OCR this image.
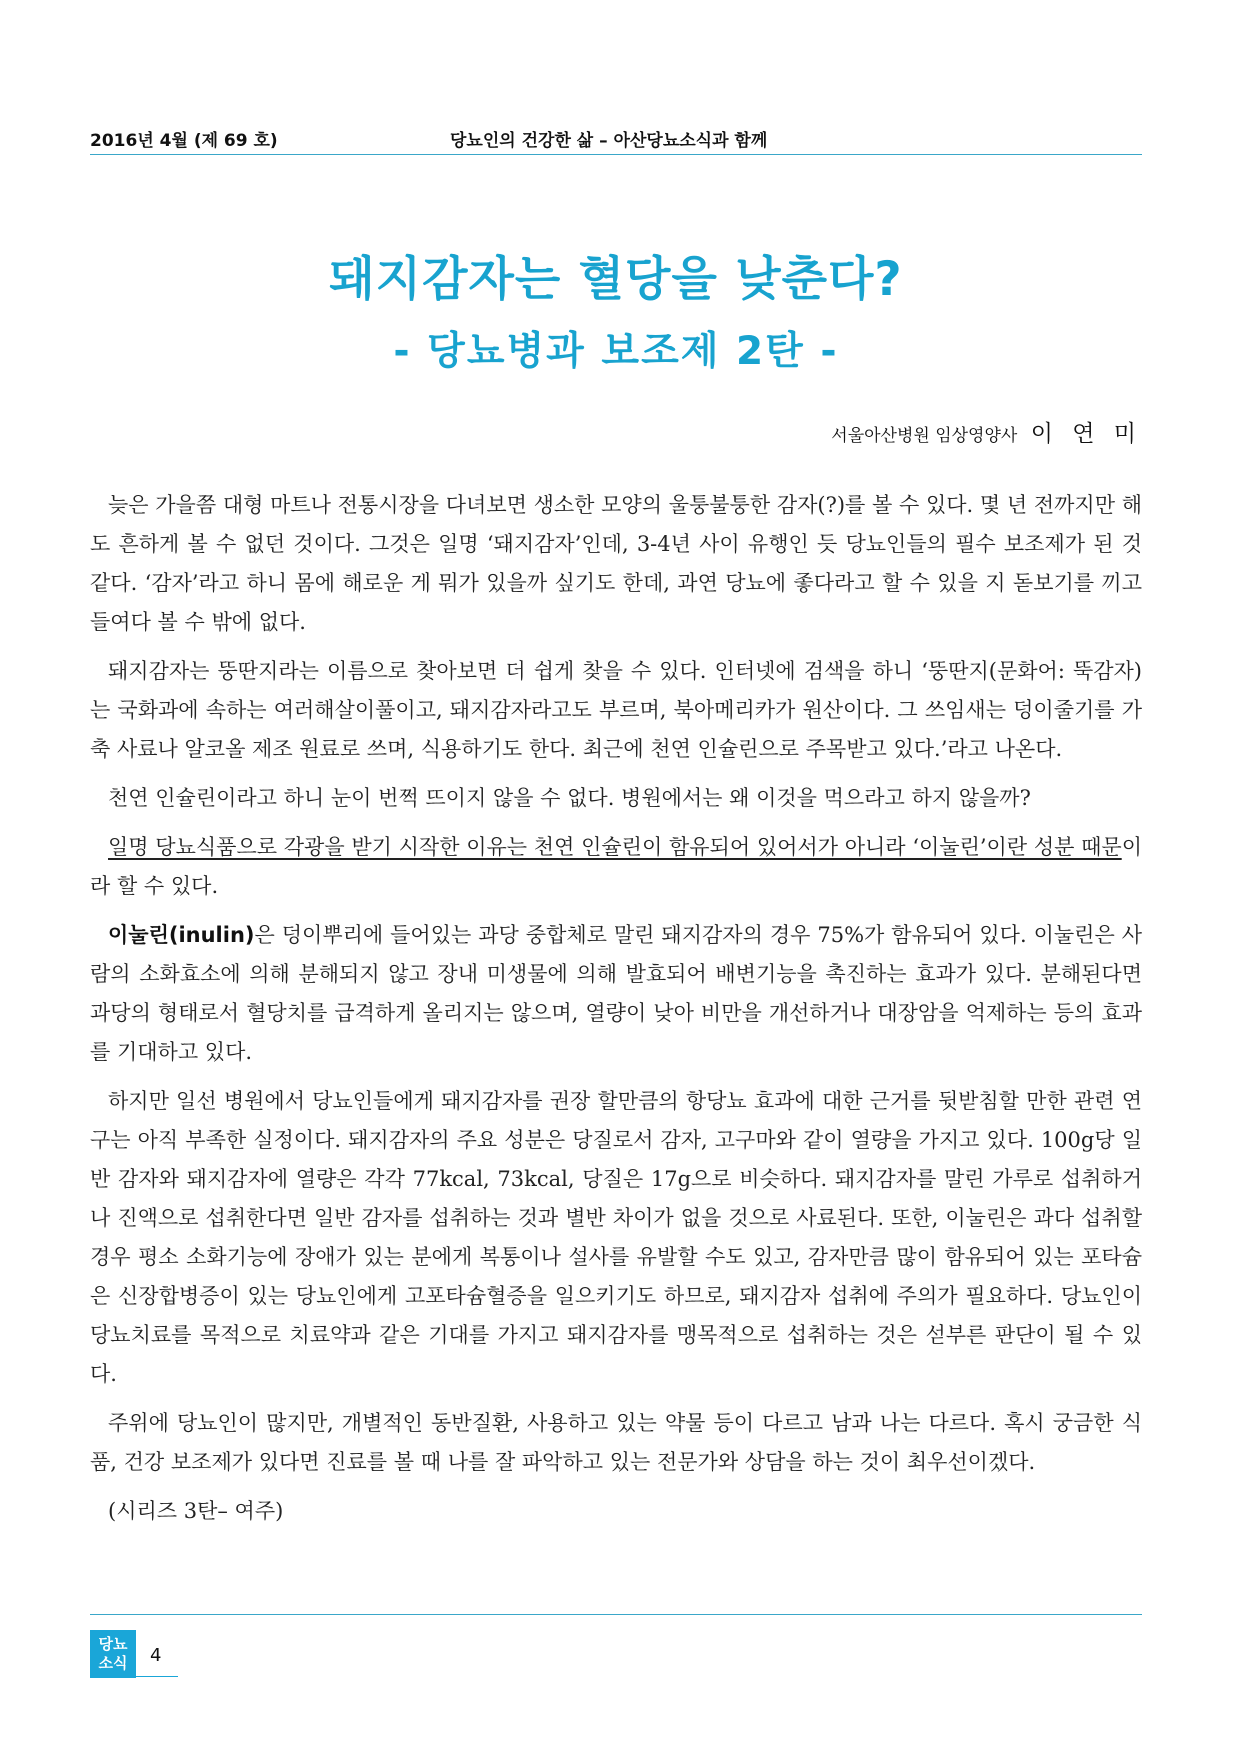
2016년 4월 (제 69 호)	당뇨인의 건강한 삶 – 아산당뇨소식과 함께
돼지감자는 혈당을 낮춘다?
- 당뇨병과 보조제 2탄 -
서울아산병원 임상영양사 이 연 미

늦은 가을쯤 대형 마트나 전통시장을 다녀보면 생소한 모양의 울퉁불퉁한 감자(?)를 볼 수 있다. 몇 년 전까지만 해도 흔하게 볼 수 없던 것이다. 그것은 일명 ‘돼지감자’인데, 3-4년 사이 유행인 듯 당뇨인들의 필수 보조제가 된 것 같다. ‘감자’라고 하니 몸에 해로운 게 뭐가 있을까 싶기도 한데, 과연 당뇨에 좋다라고 할 수 있을 지 돋보기를 끼고 들여다 볼 수 밖에 없다.

돼지감자는 뚱딴지라는 이름으로 찾아보면 더 쉽게 찾을 수 있다. 인터넷에 검색을 하니 ‘뚱딴지(문화어: 뚝감자)는 국화과에 속하는 여러해살이풀이고, 돼지감자라고도 부르며, 북아메리카가 원산이다. 그 쓰임새는 덩이줄기를 가축 사료나 알코올 제조 원료로 쓰며, 식용하기도 한다. 최근에 천연 인슐린으로 주목받고 있다.’라고 나온다.

천연 인슐린이라고 하니 눈이 번쩍 뜨이지 않을 수 없다. 병원에서는 왜 이것을 먹으라고 하지 않을까?

일명 당뇨식품으로 각광을 받기 시작한 이유는 천연 인슐린이 함유되어 있어서가 아니라 ‘이눌린’이란 성분 때문이라 할 수 있다.

이눌린(inulin)은 덩이뿌리에 들어있는 과당 중합체로 말린 돼지감자의 경우 75%가 함유되어 있다. 이눌린은 사람의 소화효소에 의해 분해되지 않고 장내 미생물에 의해 발효되어 배변기능을 촉진하는 효과가 있다. 분해된다면 과당의 형태로서 혈당치를 급격하게 올리지는 않으며, 열량이 낮아 비만을 개선하거나 대장암을 억제하는 등의 효과를 기대하고 있다.

하지만 일선 병원에서 당뇨인들에게 돼지감자를 권장 할만큼의 항당뇨 효과에 대한 근거를 뒷받침할 만한 관련 연구는 아직 부족한 실정이다. 돼지감자의 주요 성분은 당질로서 감자, 고구마와 같이 열량을 가지고 있다. 100g당 일반 감자와 돼지감자에 열량은 각각 77kcal, 73kcal, 당질은 17g으로 비슷하다. 돼지감자를 말린 가루로 섭취하거나 진액으로 섭취한다면 일반 감자를 섭취하는 것과 별반 차이가 없을 것으로 사료된다. 또한, 이눌린은 과다 섭취할 경우 평소 소화기능에 장애가 있는 분에게 복통이나 설사를 유발할 수도 있고, 감자만큼 많이 함유되어 있는 포타슘은 신장합병증이 있는 당뇨인에게 고포타슘혈증을 일으키기도 하므로, 돼지감자 섭취에 주의가 필요하다. 당뇨인이 당뇨치료를 목적으로 치료약과 같은 기대를 가지고 돼지감자를 맹목적으로 섭취하는 것은 섣부른 판단이 될 수 있다.

주위에 당뇨인이 많지만, 개별적인 동반질환, 사용하고 있는 약물 등이 다르고 남과 나는 다르다. 혹시 궁금한 식품, 건강 보조제가 있다면 진료를 볼 때 나를 잘 파악하고 있는 전문가와 상담을 하는 것이 최우선이겠다.

(시리즈 3탄– 여주)

당뇨
소식	4
